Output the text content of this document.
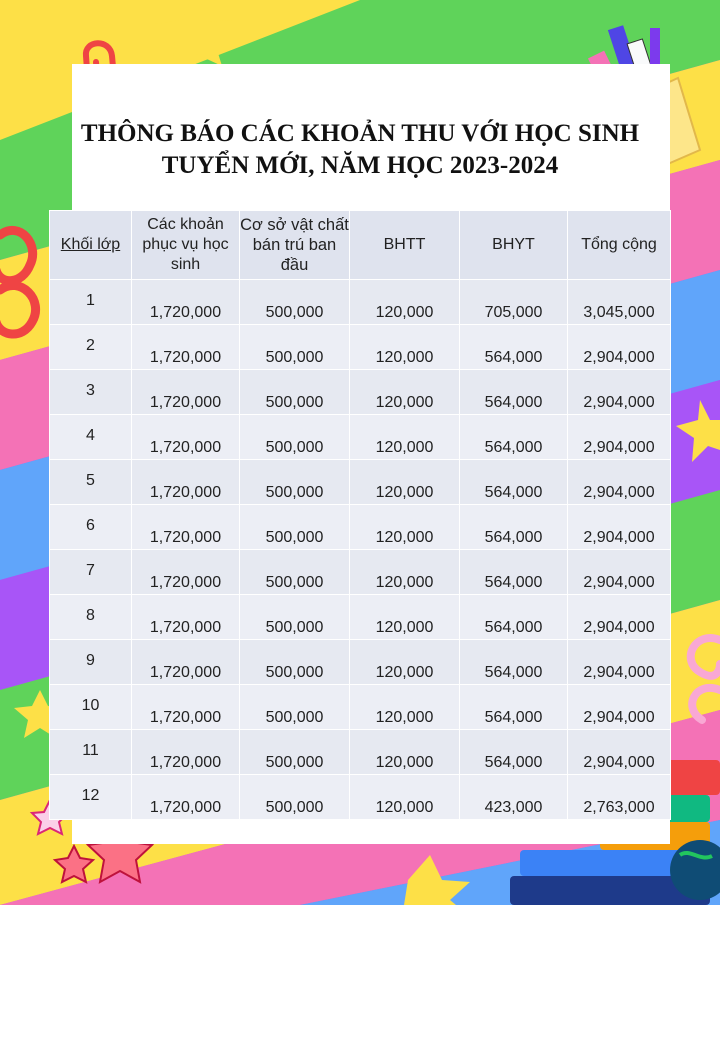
THÔNG BÁO CÁC KHOẢN THU VỚI HỌC SINH
TUYỂN MỚI, NĂM HỌC 2023-2024
Khối lớp	Các khoản phục vụ học sinh	Cơ sở vật chất bán trú ban đầu	BHTT	BHYT	Tổng cộng
1	1,720,000	500,000	120,000	705,000	3,045,000
2	1,720,000	500,000	120,000	564,000	2,904,000
3	1,720,000	500,000	120,000	564,000	2,904,000
4	1,720,000	500,000	120,000	564,000	2,904,000
5	1,720,000	500,000	120,000	564,000	2,904,000
6	1,720,000	500,000	120,000	564,000	2,904,000
7	1,720,000	500,000	120,000	564,000	2,904,000
8	1,720,000	500,000	120,000	564,000	2,904,000
9	1,720,000	500,000	120,000	564,000	2,904,000
10	1,720,000	500,000	120,000	564,000	2,904,000
11	1,720,000	500,000	120,000	564,000	2,904,000
12	1,720,000	500,000	120,000	423,000	2,763,000
